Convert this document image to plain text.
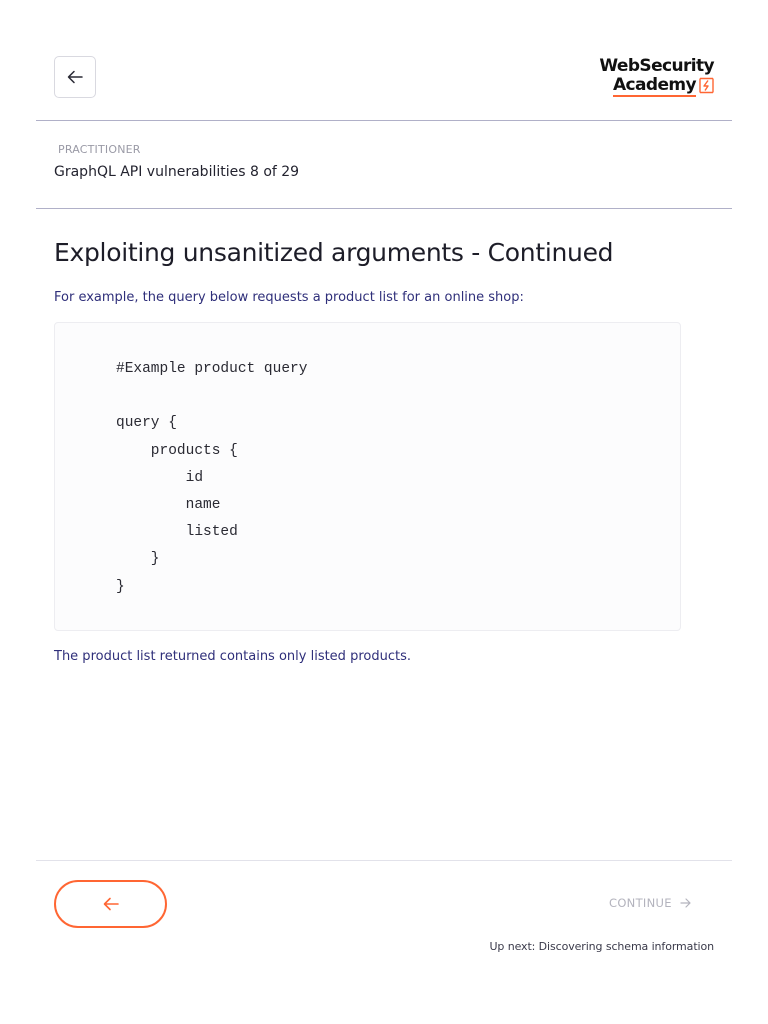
WebSecurity
Academy
PRACTITIONER
GraphQL API vulnerabilities 8 of 29
Exploiting unsanitized arguments - Continued
For example, the query below requests a product list for an online shop:
#Example product query

query {
products {
id
name
listed
}
}
The product list returned contains only listed products.
CONTINUE
Up next: Discovering schema information
